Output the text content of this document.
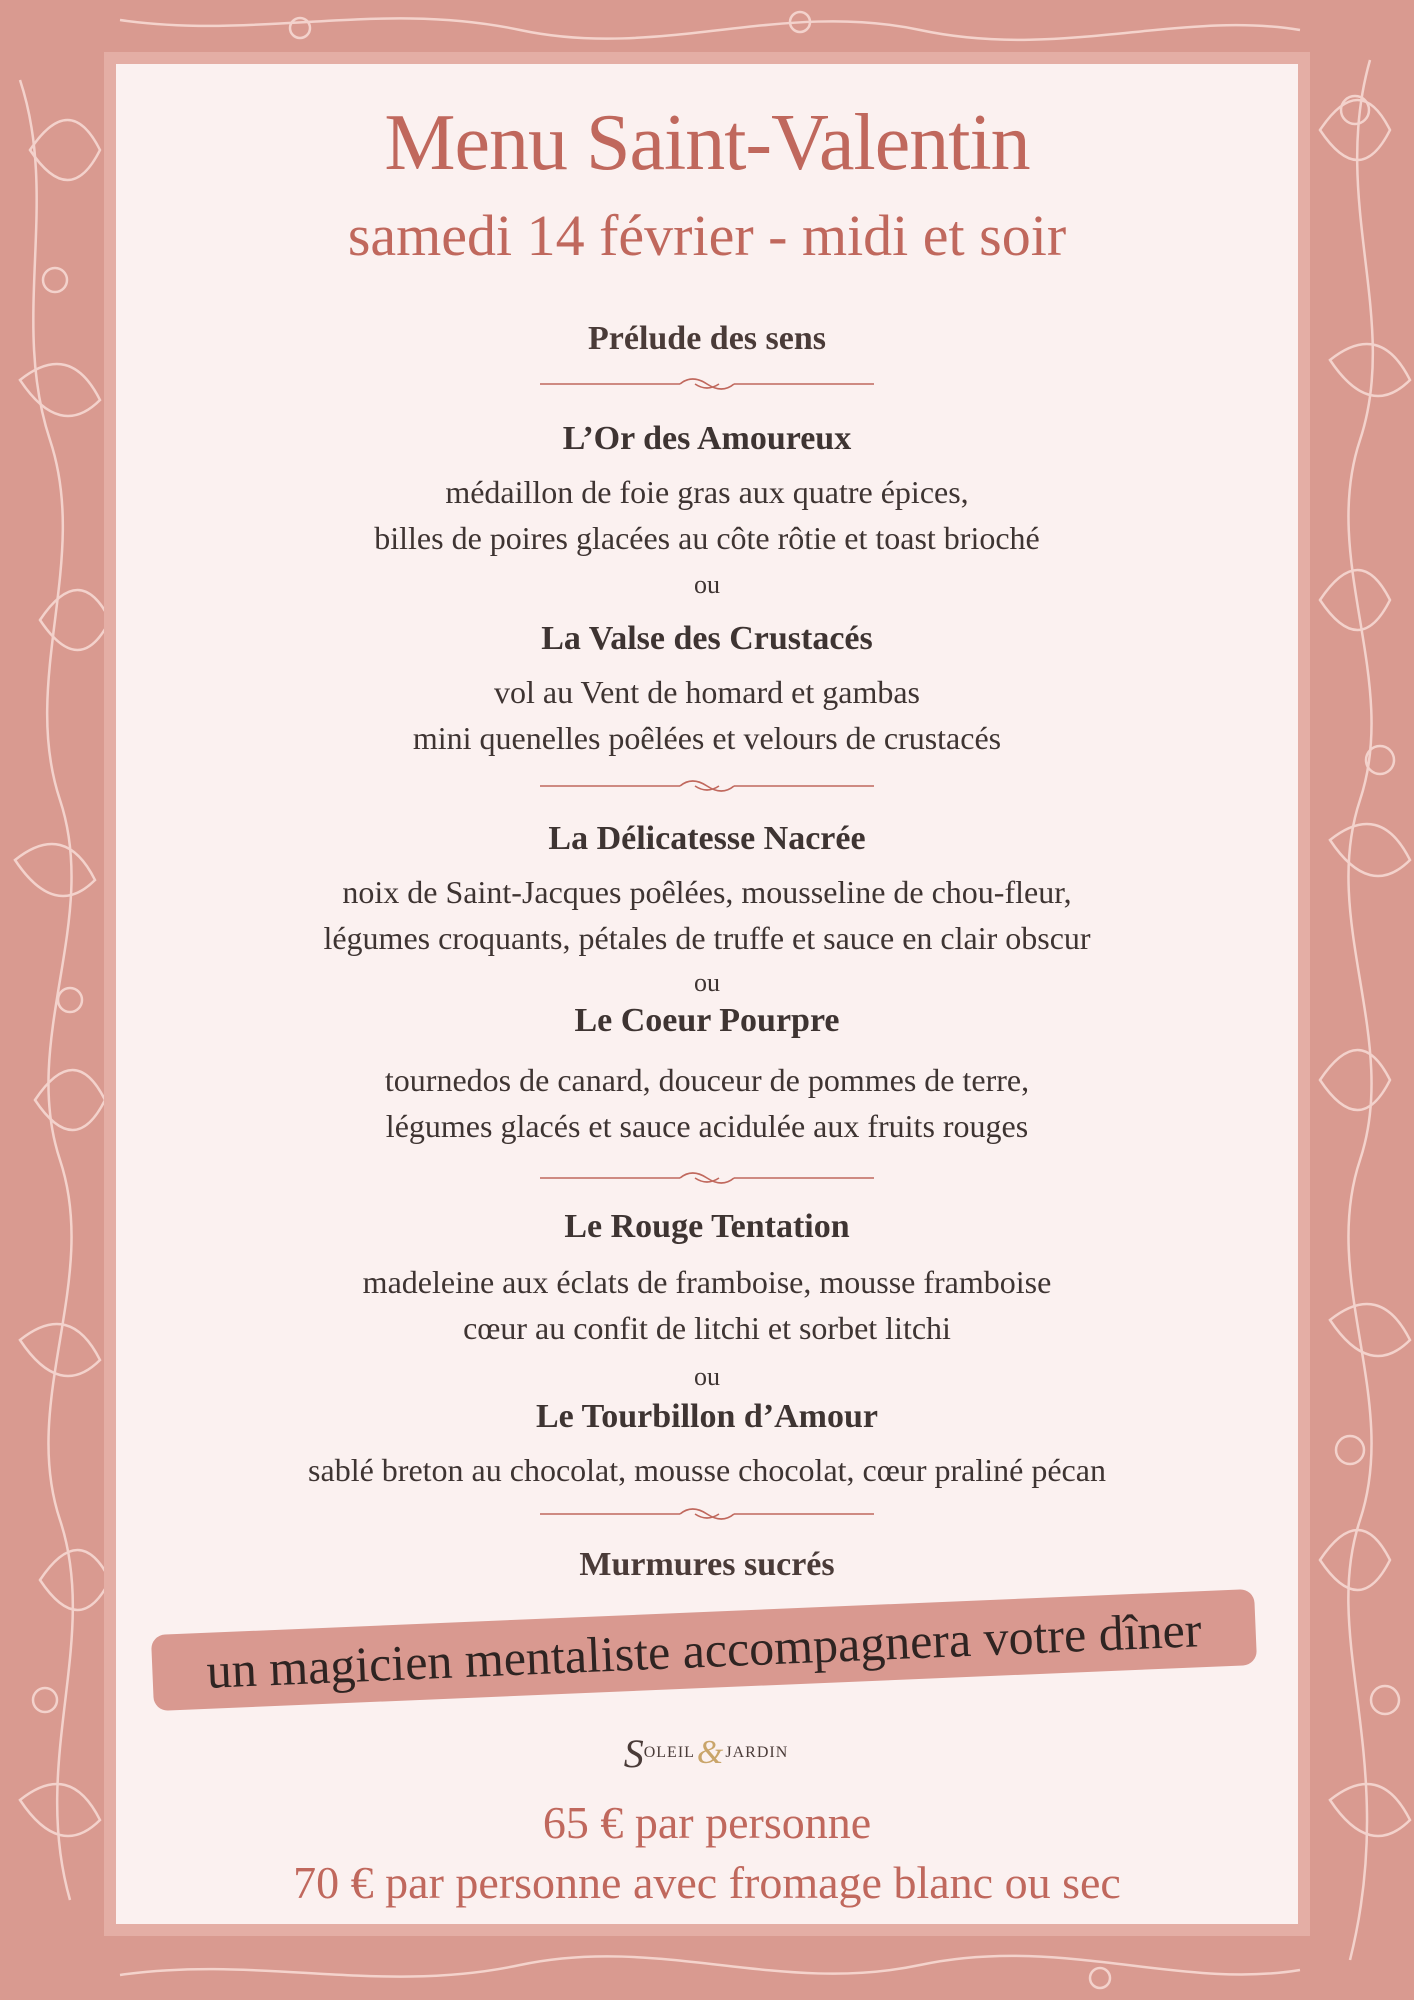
Menu Saint-Valentin

samedi 14 février - midi et soir

Prélude des sens

L’Or des Amoureux

médaillon de foie gras aux quatre épices,

billes de poires glacées au côte rôtie et toast brioché

ou

La Valse des Crustacés

vol au Vent de homard et gambas

mini quenelles poêlées et velours de crustacés

La Délicatesse Nacrée

noix de Saint-Jacques poêlées, mousseline de chou-fleur,

légumes croquants, pétales de truffe et sauce en clair obscur

ou

Le Coeur Pourpre

tournedos de canard, douceur de pommes de terre,

légumes glacés et sauce acidulée aux fruits rouges

Le Rouge Tentation

madeleine aux éclats de framboise, mousse framboise

cœur au confit de litchi et sorbet litchi

ou

Le Tourbillon d’Amour

sablé breton au chocolat, mousse chocolat, cœur praliné pécan

Murmures sucrés

un magicien mentaliste accompagnera votre dîner
S OLEIL & JARDIN

65 € par personne

70 € par personne avec fromage blanc ou sec
